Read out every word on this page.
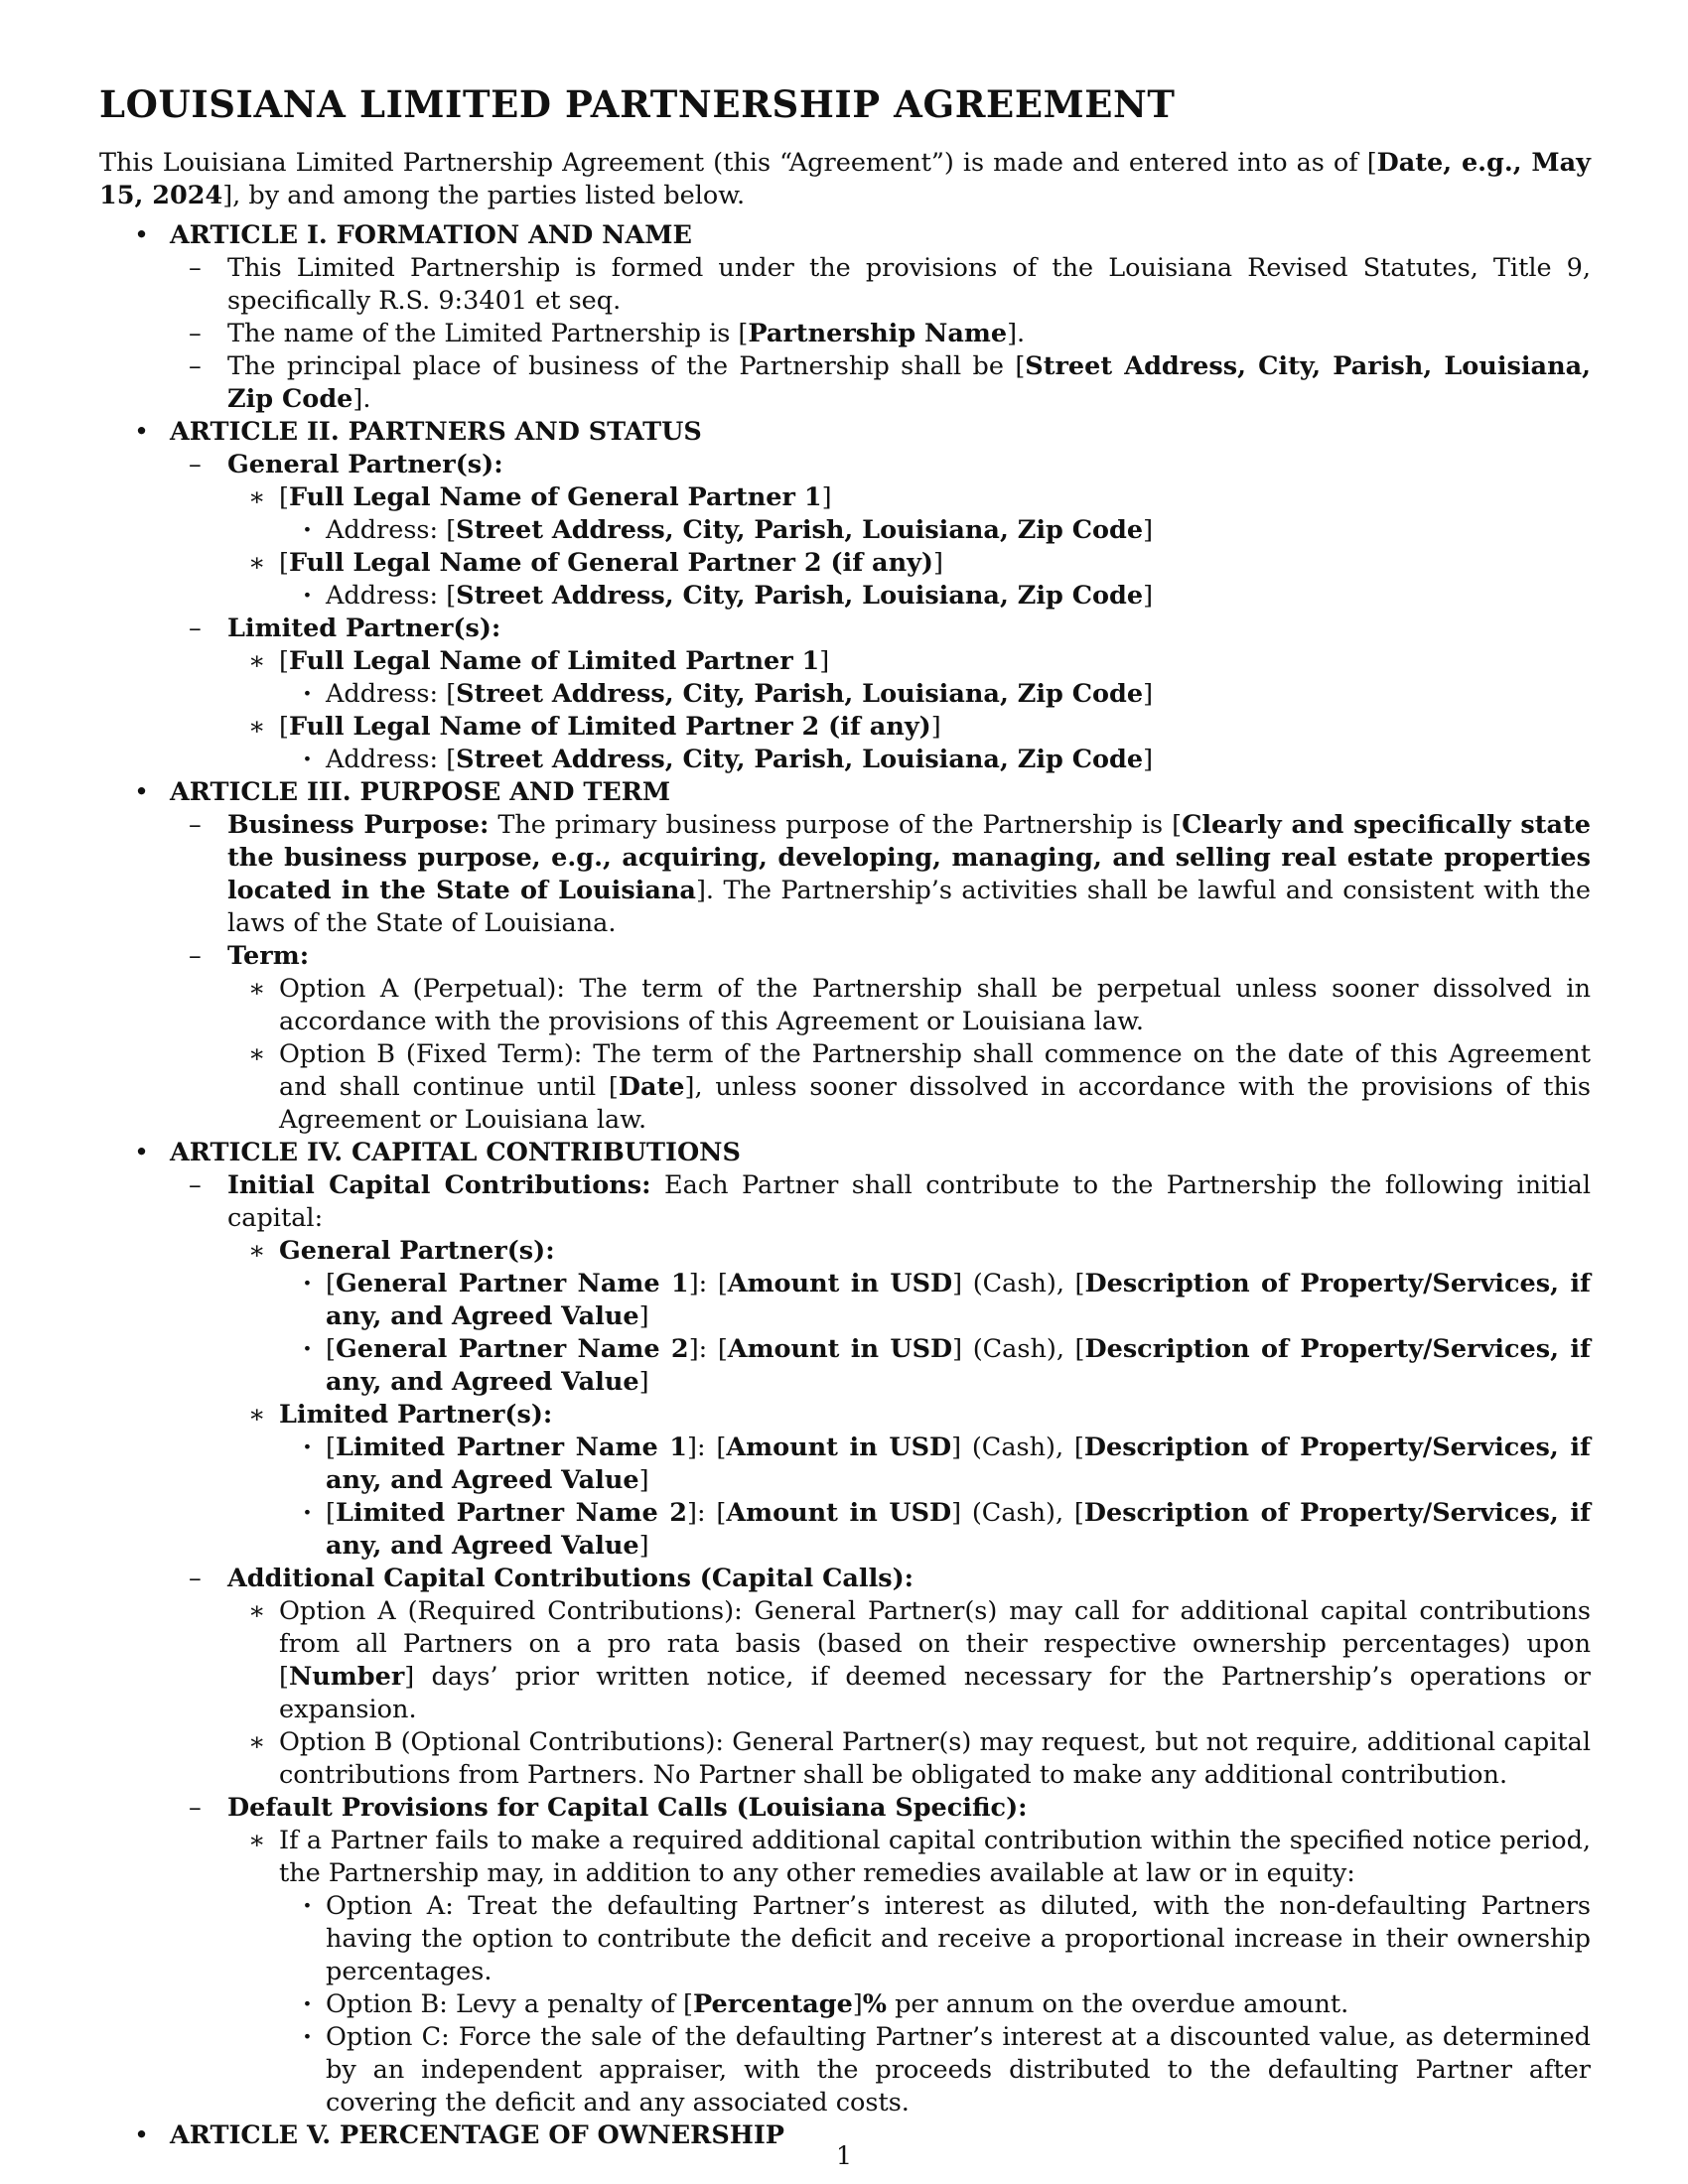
LOUISIANA LIMITED PARTNERSHIP AGREEMENT

This Louisiana Limited Partnership Agreement (this “Agreement”) is made and entered into as of [Date, e.g., May 15, 2024], by and among the parties listed below.

• ARTICLE I. FORMATION AND NAME
– This Limited Partnership is formed under the provisions of the Louisiana Revised Statutes, Title 9, specifically R.S. 9:3401 et seq.
– The name of the Limited Partnership is [Partnership Name].
– The principal place of business of the Partnership shall be [Street Address, City, Parish, Louisiana, Zip Code].
• ARTICLE II. PARTNERS AND STATUS
– General Partner(s):
∗ [Full Legal Name of General Partner 1]
· Address: [Street Address, City, Parish, Louisiana, Zip Code]
∗ [Full Legal Name of General Partner 2 (if any)]
· Address: [Street Address, City, Parish, Louisiana, Zip Code]
– Limited Partner(s):
∗ [Full Legal Name of Limited Partner 1]
· Address: [Street Address, City, Parish, Louisiana, Zip Code]
∗ [Full Legal Name of Limited Partner 2 (if any)]
· Address: [Street Address, City, Parish, Louisiana, Zip Code]
• ARTICLE III. PURPOSE AND TERM
– Business Purpose: The primary business purpose of the Partnership is [Clearly and specifically state the business purpose, e.g., acquiring, developing, managing, and selling real estate properties located in the State of Louisiana]. The Partnership’s activities shall be lawful and consistent with the laws of the State of Louisiana.
– Term:
∗ Option A (Perpetual): The term of the Partnership shall be perpetual unless sooner dissolved in accordance with the provisions of this Agreement or Louisiana law.
∗ Option B (Fixed Term): The term of the Partnership shall commence on the date of this Agreement and shall continue until [Date], unless sooner dissolved in accordance with the provisions of this Agreement or Louisiana law.
• ARTICLE IV. CAPITAL CONTRIBUTIONS
– Initial Capital Contributions: Each Partner shall contribute to the Partnership the following initial capital:
∗ General Partner(s):
· [General Partner Name 1]: [Amount in USD] (Cash), [Description of Property/Services, if any, and Agreed Value]
· [General Partner Name 2]: [Amount in USD] (Cash), [Description of Property/Services, if any, and Agreed Value]
∗ Limited Partner(s):
· [Limited Partner Name 1]: [Amount in USD] (Cash), [Description of Property/Services, if any, and Agreed Value]
· [Limited Partner Name 2]: [Amount in USD] (Cash), [Description of Property/Services, if any, and Agreed Value]
– Additional Capital Contributions (Capital Calls):
∗ Option A (Required Contributions): General Partner(s) may call for additional capital contributions from all Partners on a pro rata basis (based on their respective ownership percentages) upon [Number] days’ prior written notice, if deemed necessary for the Partnership’s operations or expansion.
∗ Option B (Optional Contributions): General Partner(s) may request, but not require, additional capital contributions from Partners. No Partner shall be obligated to make any additional contribution.
– Default Provisions for Capital Calls (Louisiana Specific):
∗ If a Partner fails to make a required additional capital contribution within the specified notice period, the Partnership may, in addition to any other remedies available at law or in equity:
· Option A: Treat the defaulting Partner’s interest as diluted, with the non-defaulting Partners having the option to contribute the deficit and receive a proportional increase in their ownership percentages.
· Option B: Levy a penalty of [Percentage]% per annum on the overdue amount.
· Option C: Force the sale of the defaulting Partner’s interest at a discounted value, as determined by an independent appraiser, with the proceeds distributed to the defaulting Partner after covering the deficit and any associated costs.
• ARTICLE V. PERCENTAGE OF OWNERSHIP
1
